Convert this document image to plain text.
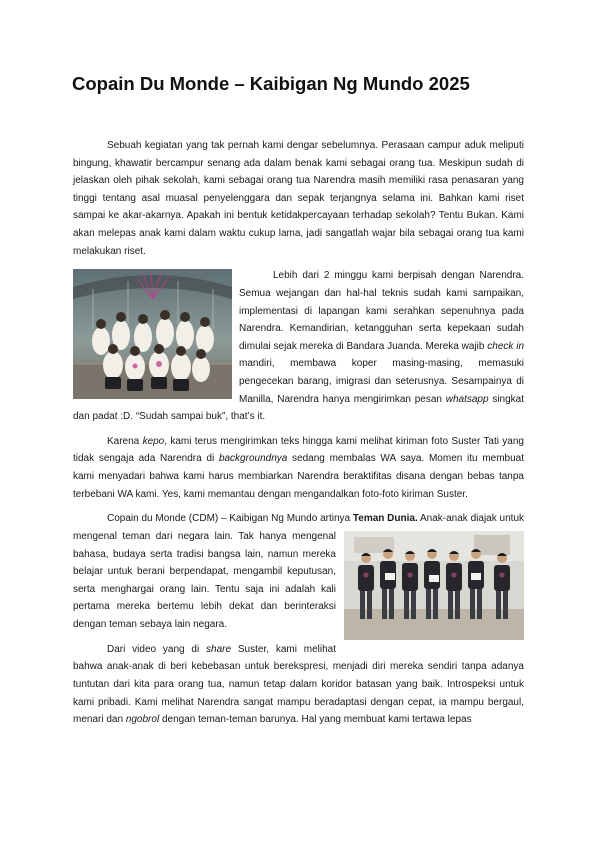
Copain Du Monde – Kaibigan Ng Mundo 2025

Sebuah kegiatan yang tak pernah kami dengar sebelumnya. Perasaan campur aduk meliputi bingung, khawatir bercampur senang ada dalam benak kami sebagai orang tua. Meskipun sudah di jelaskan oleh pihak sekolah, kami sebagai orang tua Narendra masih memiliki rasa penasaran yang tinggi tentang asal muasal penyelenggara dan sepak terjangnya selama ini. Bahkan kami riset sampai ke akar-akarnya. Apakah ini bentuk ketidakpercayaan terhadap sekolah? Tentu Bukan. Kami akan melepas anak kami dalam waktu cukup lama, jadi sangatlah wajar bila sebagai orang tua kami melakukan riset.

Lebih dari 2 minggu kami berpisah dengan Narendra. Semua wejangan dan hal-hal teknis sudah kami sampaikan, implementasi di lapangan kami serahkan sepenuhnya pada Narendra. Kemandirian, ketangguhan serta kepekaan sudah dimulai sejak mereka di Bandara Juanda. Mereka wajib check in mandiri, membawa koper masing-masing, memasuki pengecekan barang, imigrasi dan seterusnya. Sesampainya di Manilla, Narendra hanya mengirimkan pesan whatsapp singkat dan padat :D. “Sudah sampai buk”, that’s it.

Karena kepo, kami terus mengirimkan teks hingga kami melihat kiriman foto Suster Tati yang tidak sengaja ada Narendra di backgroundnya sedang membalas WA saya. Momen itu membuat kami menyadari bahwa kami harus membiarkan Narendra beraktifitas disana dengan bebas tanpa terbebani WA kami. Yes, kami memantau dengan mengandalkan foto-foto kiriman Suster.

Copain du Monde (CDM) – Kaibigan Ng Mundo artinya Teman Dunia.
Anak-anak diajak untuk mengenal teman dari negara lain. Tak hanya mengenal bahasa, budaya serta tradisi bangsa lain, namun mereka belajar untuk berani berpendapat, mengambil keputusan, serta menghargai orang lain. Tentu saja ini adalah kali pertama mereka bertemu lebih dekat dan berinteraksi dengan teman sebaya lain negara.

Dari video yang di share Suster, kami melihat bahwa anak-anak di beri kebebasan untuk berekspresi, menjadi diri mereka sendiri tanpa adanya tuntutan dari kita para orang tua, namun tetap dalam koridor batasan yang baik. Introspeksi untuk kami pribadi. Kami melihat Narendra sangat mampu beradaptasi dengan cepat, ia mampu bergaul, menari dan ngobrol dengan teman-teman barunya. Hal yang membuat kami tertawa lepas
